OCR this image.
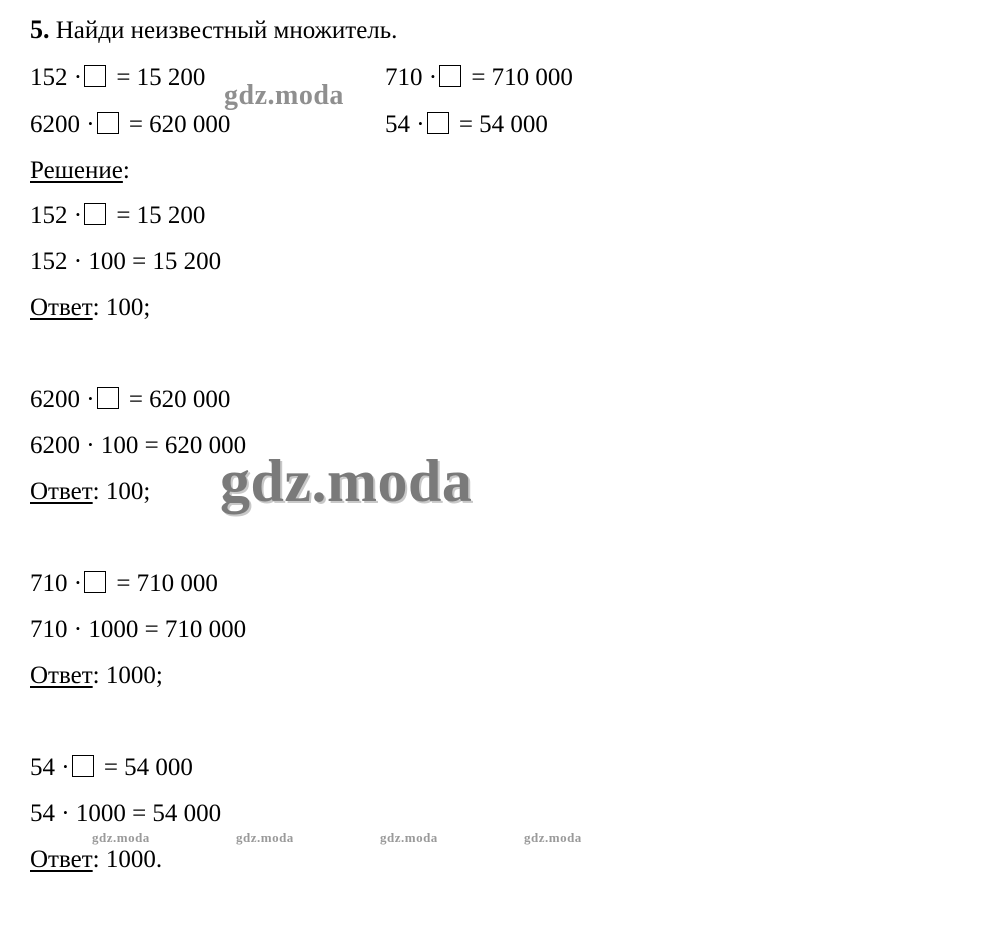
5. Найди неизвестный множитель.
152 · = 15 200	710 · = 710 000
6200 · = 620 000	54 · = 54 000
Решение:
152 · = 15 200
152 · 100 = 15 200
Ответ: 100;
6200 · = 620 000
6200 · 100 = 620 000
Ответ: 100;
710 · = 710 000
710 · 1000 = 710 000
Ответ: 1000;
54 · = 54 000
54 · 1000 = 54 000
Ответ: 1000.
gdz.moda
gdz.moda
gdz.moda	gdz.moda	gdz.moda	gdz.moda
